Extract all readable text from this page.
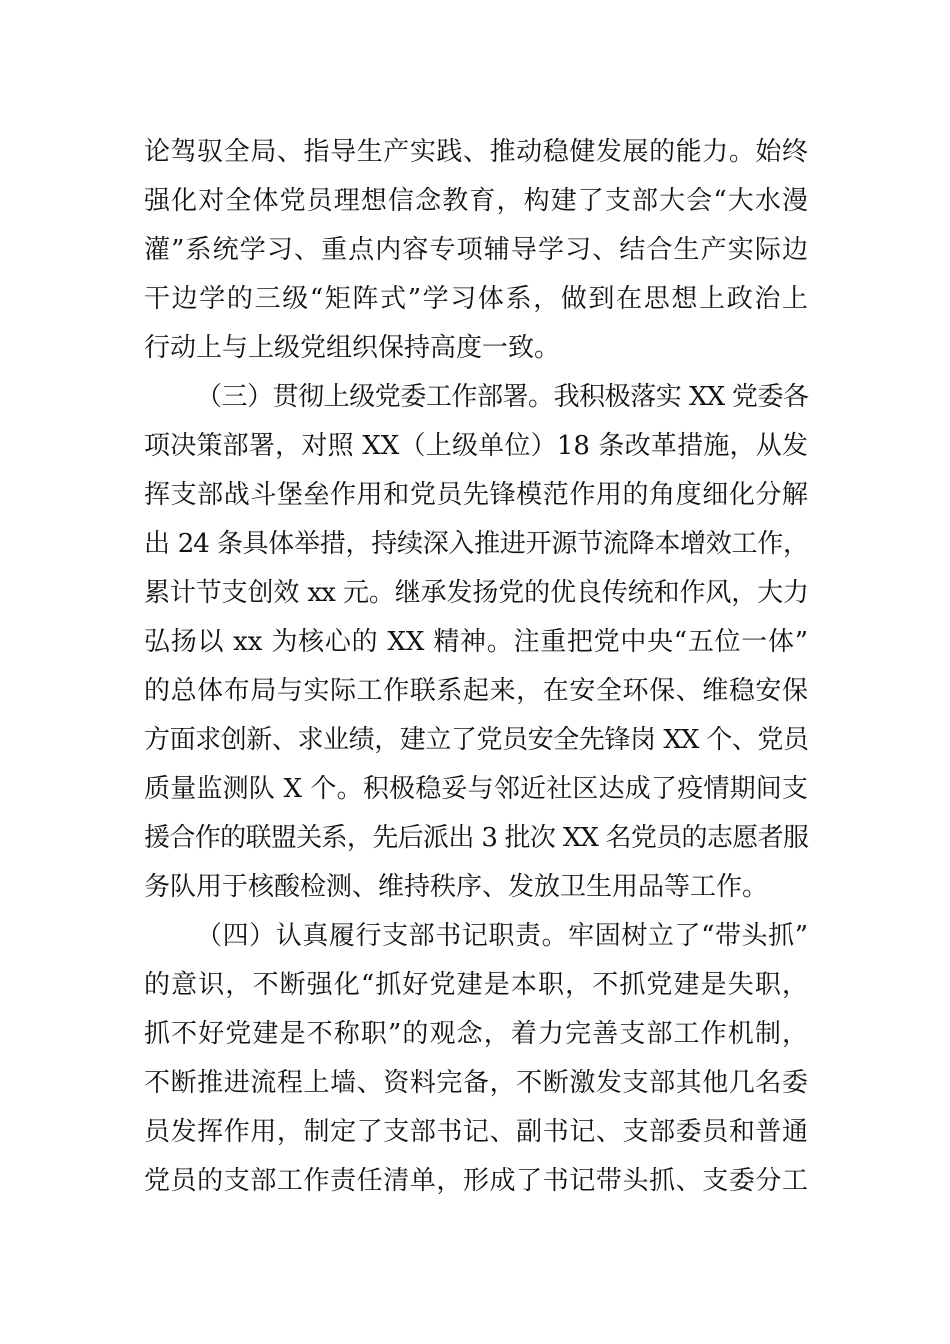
论驾驭全局、指导生产实践、推动稳健发展的能力。始终
强化对全体党员理想信念教育，构建了支部大会“大水漫
灌”系统学习、重点内容专项辅导学习、结合生产实际边
干边学的三级“矩阵式”学习体系，做到在思想上政治上
行动上与上级党组织保持高度一致。
（三）贯彻上级党委工作部署。我积极落实 XX 党委各
项决策部署，对照 XX（上级单位）18 条改革措施，从发
挥支部战斗堡垒作用和党员先锋模范作用的角度细化分解
出 24 条具体举措，持续深入推进开源节流降本增效工作，
累计节支创效 xx 元。继承发扬党的优良传统和作风，大力
弘扬以 xx 为核心的 XX 精神。注重把党中央“五位一体”
的总体布局与实际工作联系起来，在安全环保、维稳安保
方面求创新、求业绩，建立了党员安全先锋岗 XX 个、党员
质量监测队 X 个。积极稳妥与邻近社区达成了疫情期间支
援合作的联盟关系，先后派出 3 批次 XX 名党员的志愿者服
务队用于核酸检测、维持秩序、发放卫生用品等工作。
（四）认真履行支部书记职责。牢固树立了“带头抓”
的意识，不断强化“抓好党建是本职，不抓党建是失职，
抓不好党建是不称职”的观念，着力完善支部工作机制，
不断推进流程上墙、资料完备，不断激发支部其他几名委
员发挥作用，制定了支部书记、副书记、支部委员和普通
党员的支部工作责任清单，形成了书记带头抓、支委分工
